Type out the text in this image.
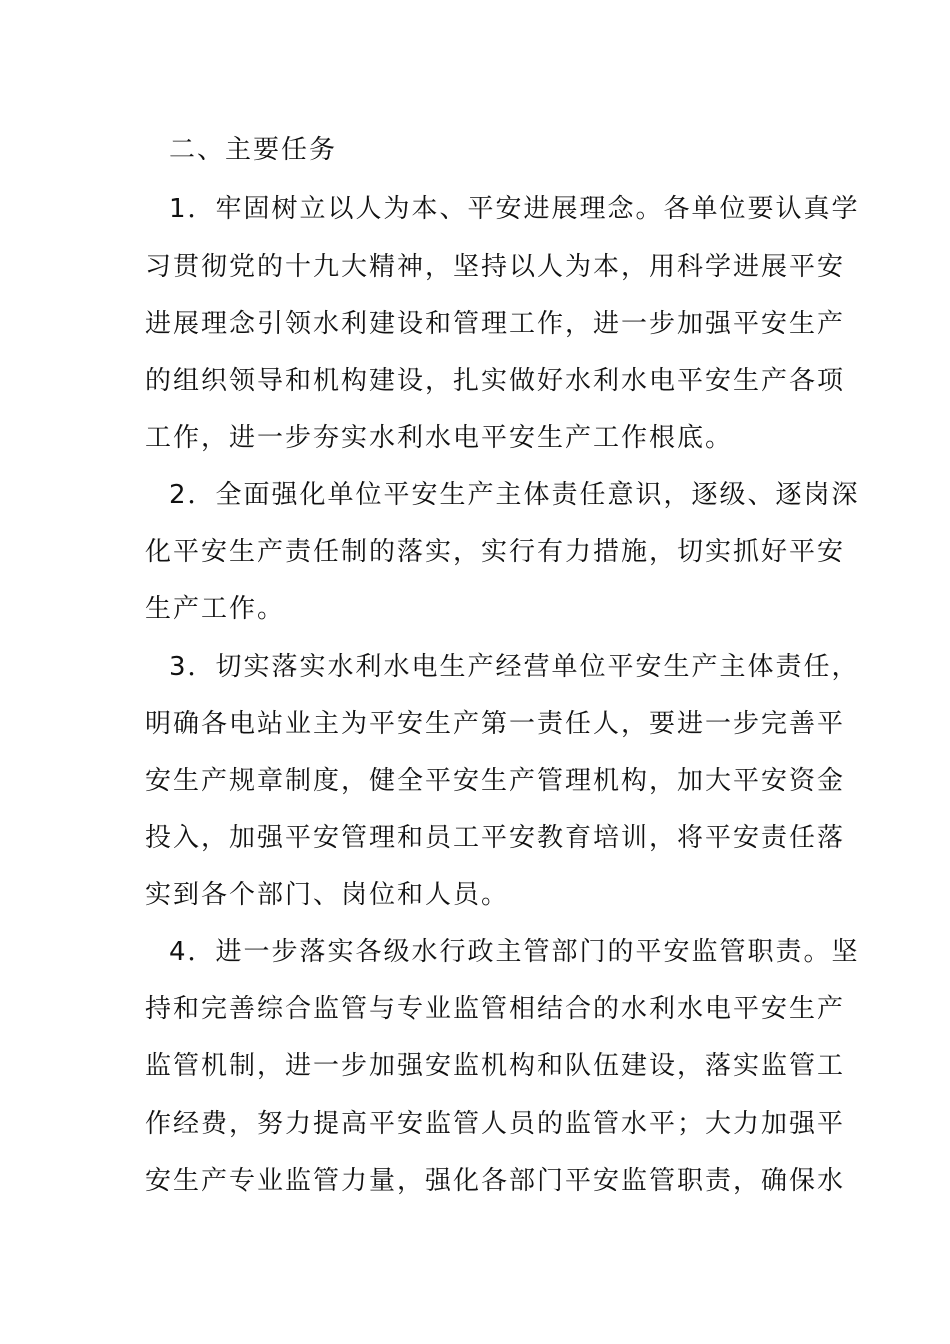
二、主要任务
1．牢固树立以人为本、平安进展理念。各单位要认真学
习贯彻党的十九大精神，坚持以人为本，用科学进展平安
进展理念引领水利建设和管理工作，进一步加强平安生产
的组织领导和机构建设，扎实做好水利水电平安生产各项
工作，进一步夯实水利水电平安生产工作根底。
2．全面强化单位平安生产主体责任意识，逐级、逐岗深
化平安生产责任制的落实，实行有力措施，切实抓好平安
生产工作。
3．切实落实水利水电生产经营单位平安生产主体责任，
明确各电站业主为平安生产第一责任人，要进一步完善平
安生产规章制度，健全平安生产管理机构，加大平安资金
投入，加强平安管理和员工平安教育培训，将平安责任落
实到各个部门、岗位和人员。
4．进一步落实各级水行政主管部门的平安监管职责。坚
持和完善综合监管与专业监管相结合的水利水电平安生产
监管机制，进一步加强安监机构和队伍建设，落实监管工
作经费，努力提高平安监管人员的监管水平；大力加强平
安生产专业监管力量，强化各部门平安监管职责，确保水
